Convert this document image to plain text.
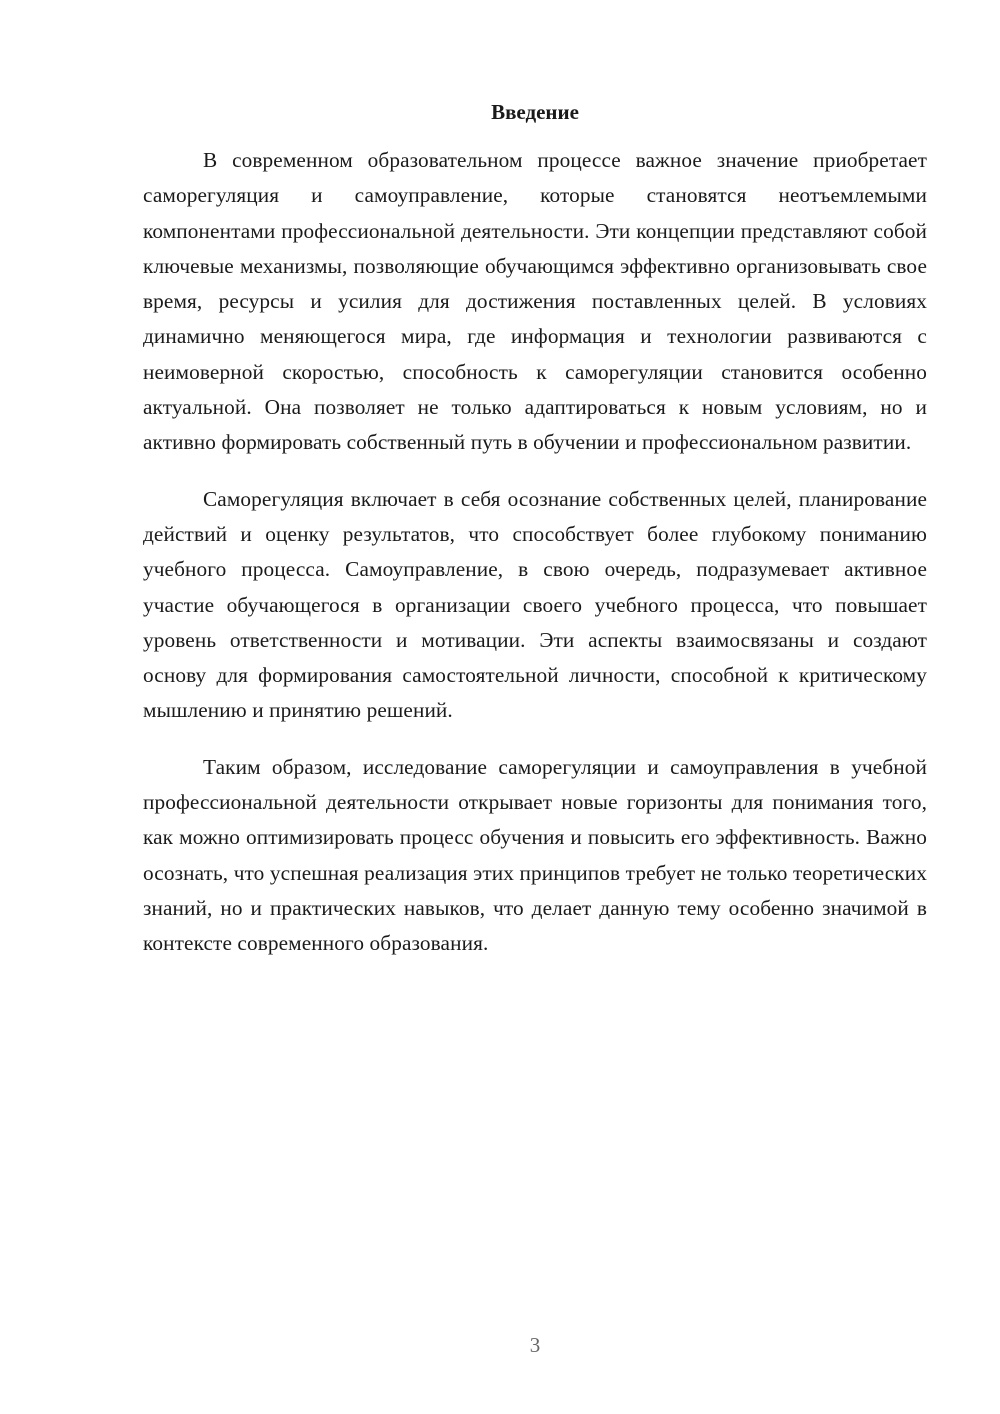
Введение

В современном образовательном процессе важное значение приобретает саморегуляция и самоуправление, которые становятся неотъемлемыми компонентами профессиональной деятельности. Эти концепции представляют собой ключевые механизмы, позволяющие обучающимся эффективно организовывать свое время, ресурсы и усилия для достижения поставленных целей. В условиях динамично меняющегося мира, где информация и технологии развиваются с неимоверной скоростью, способность к саморегуляции становится особенно актуальной. Она позволяет не только адаптироваться к новым условиям, но и активно формировать собственный путь в обучении и профессиональном развитии.

Саморегуляция включает в себя осознание собственных целей, планирование действий и оценку результатов, что способствует более глубокому пониманию учебного процесса. Самоуправление, в свою очередь, подразумевает активное участие обучающегося в организации своего учебного процесса, что повышает уровень ответственности и мотивации. Эти аспекты взаимосвязаны и создают основу для формирования самостоятельной личности, способной к критическому мышлению и принятию решений.

Таким образом, исследование саморегуляции и самоуправления в учебной профессиональной деятельности открывает новые горизонты для понимания того, как можно оптимизировать процесс обучения и повысить его эффективность. Важно осознать, что успешная реализация этих принципов требует не только теоретических знаний, но и практических навыков, что делает данную тему особенно значимой в контексте современного образования.

3
